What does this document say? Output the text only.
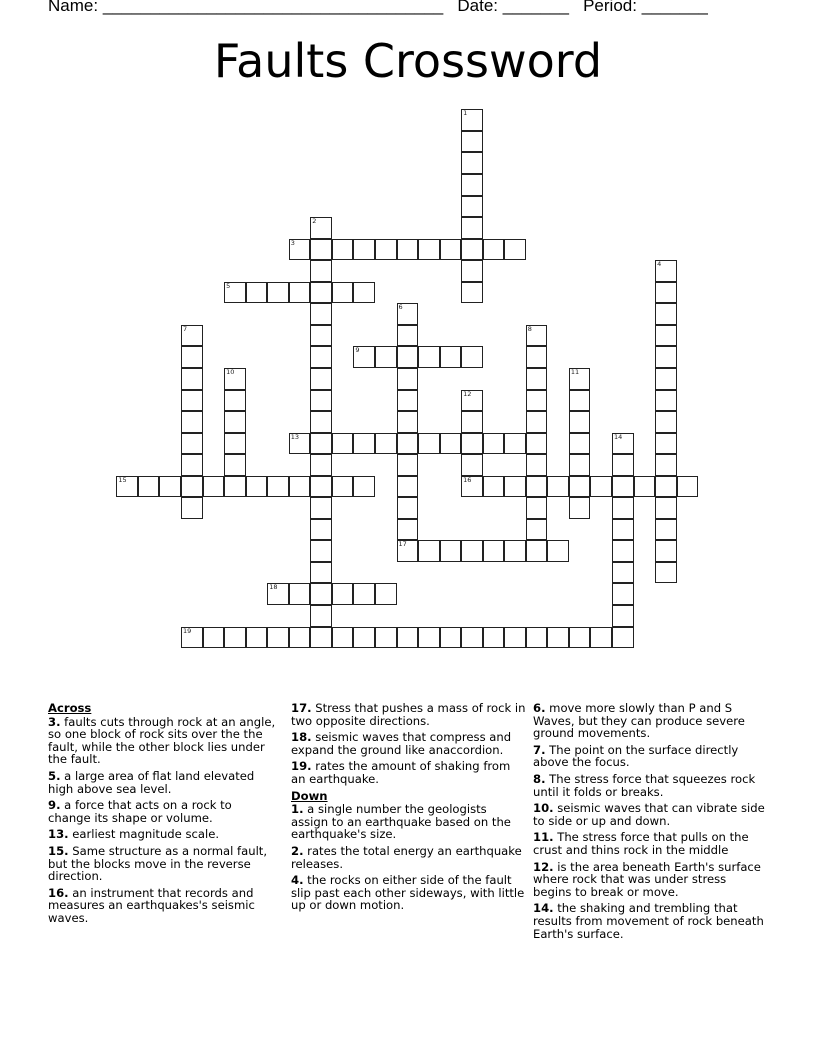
Name: ____________________________________ Date: _______ Period: _______
Faults Crossword
1
2
3
4
5
6
17
7	8
9
10	11
12
16
13	14
15
18
19
Across
3. faults cuts through rock at an angle, so one block of rock sits over the the fault, while the other block lies under the fault.
5. a large area of flat land elevated high above sea level.
9. a force that acts on a rock to change its shape or volume.
13. earliest magnitude scale.
15. Same structure as a normal fault, but the blocks move in the reverse direction.
16. an instrument that records and measures an earthquakes's seismic waves.
17. Stress that pushes a mass of rock in two opposite directions.
18. seismic waves that compress and expand the ground like anaccordion.
19. rates the amount of shaking from an earthquake.
Down
1. a single number the geologists assign to an earthquake based on the earthquake's size.
2. rates the total energy an earthquake releases.
4. the rocks on either side of the fault slip past each other sideways, with little up or down motion.
6. move more slowly than P and S Waves, but they can produce severe ground movements.
7. The point on the surface directly above the focus.
8. The stress force that squeezes rock until it folds or breaks.
10. seismic waves that can vibrate side to side or up and down.
11. The stress force that pulls on the crust and thins rock in the middle
12. is the area beneath Earth's surface where rock that was under stress begins to break or move.
14. the shaking and trembling that results from movement of rock beneath Earth's surface.
